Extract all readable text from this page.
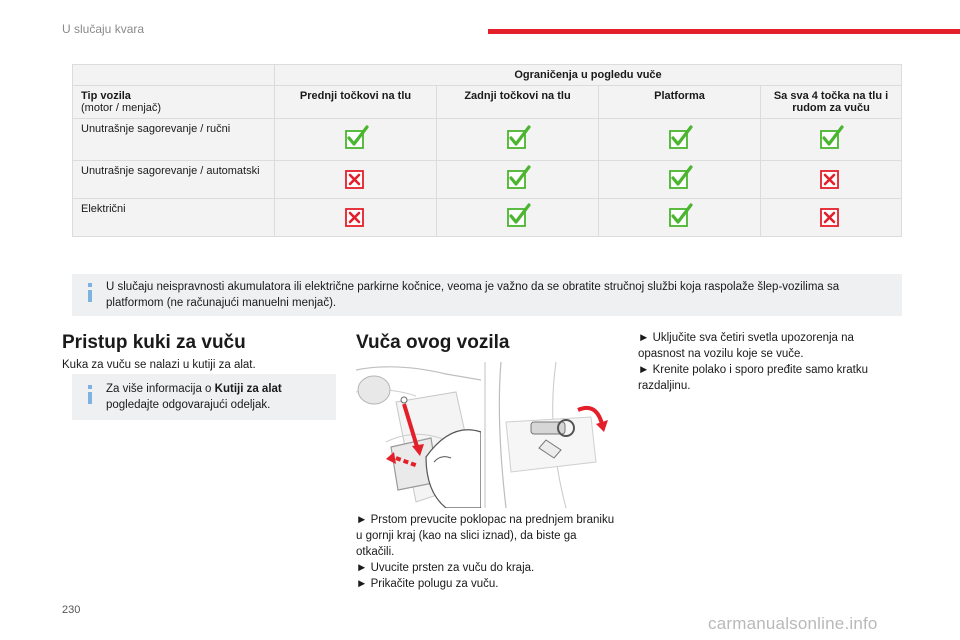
U slučaju kvara
	Ograničenja u pogledu vuče			

Tip vozila
(motor / menjač)	Prednji točkovi na tlu	Zadnji točkovi na tlu	Platforma	Sa sva 4 točka na tlu i rudom za vuču
Unutrašnje sagorevanje / ručni				
Unutrašnje sagorevanje / automatski				
Električni				
U slučaju neispravnosti akumulatora ili električne parkirne kočnice, veoma je važno da se obratite stručnoj službi koja raspolaže šlep-vozilima sa platformom (ne računajući manuelni menjač).
Pristup kuki za vuču
Kuka za vuču se nalazi u kutiji za alat.
Za više informacija o Kutiji za alat pogledajte odgovarajući odeljak.
Vuča ovog vozila
► Prstom prevucite poklopac na prednjem braniku u gornji kraj (kao na slici iznad), da biste ga otkačili.
► Uvucite prsten za vuču do kraja.
► Prikačite polugu za vuču.
► Uključite sva četiri svetla upozorenja na opasnost na vozilu koje se vuče.
► Krenite polako i sporo pređite samo kratku razdaljinu.
230
carmanualsonline.info
